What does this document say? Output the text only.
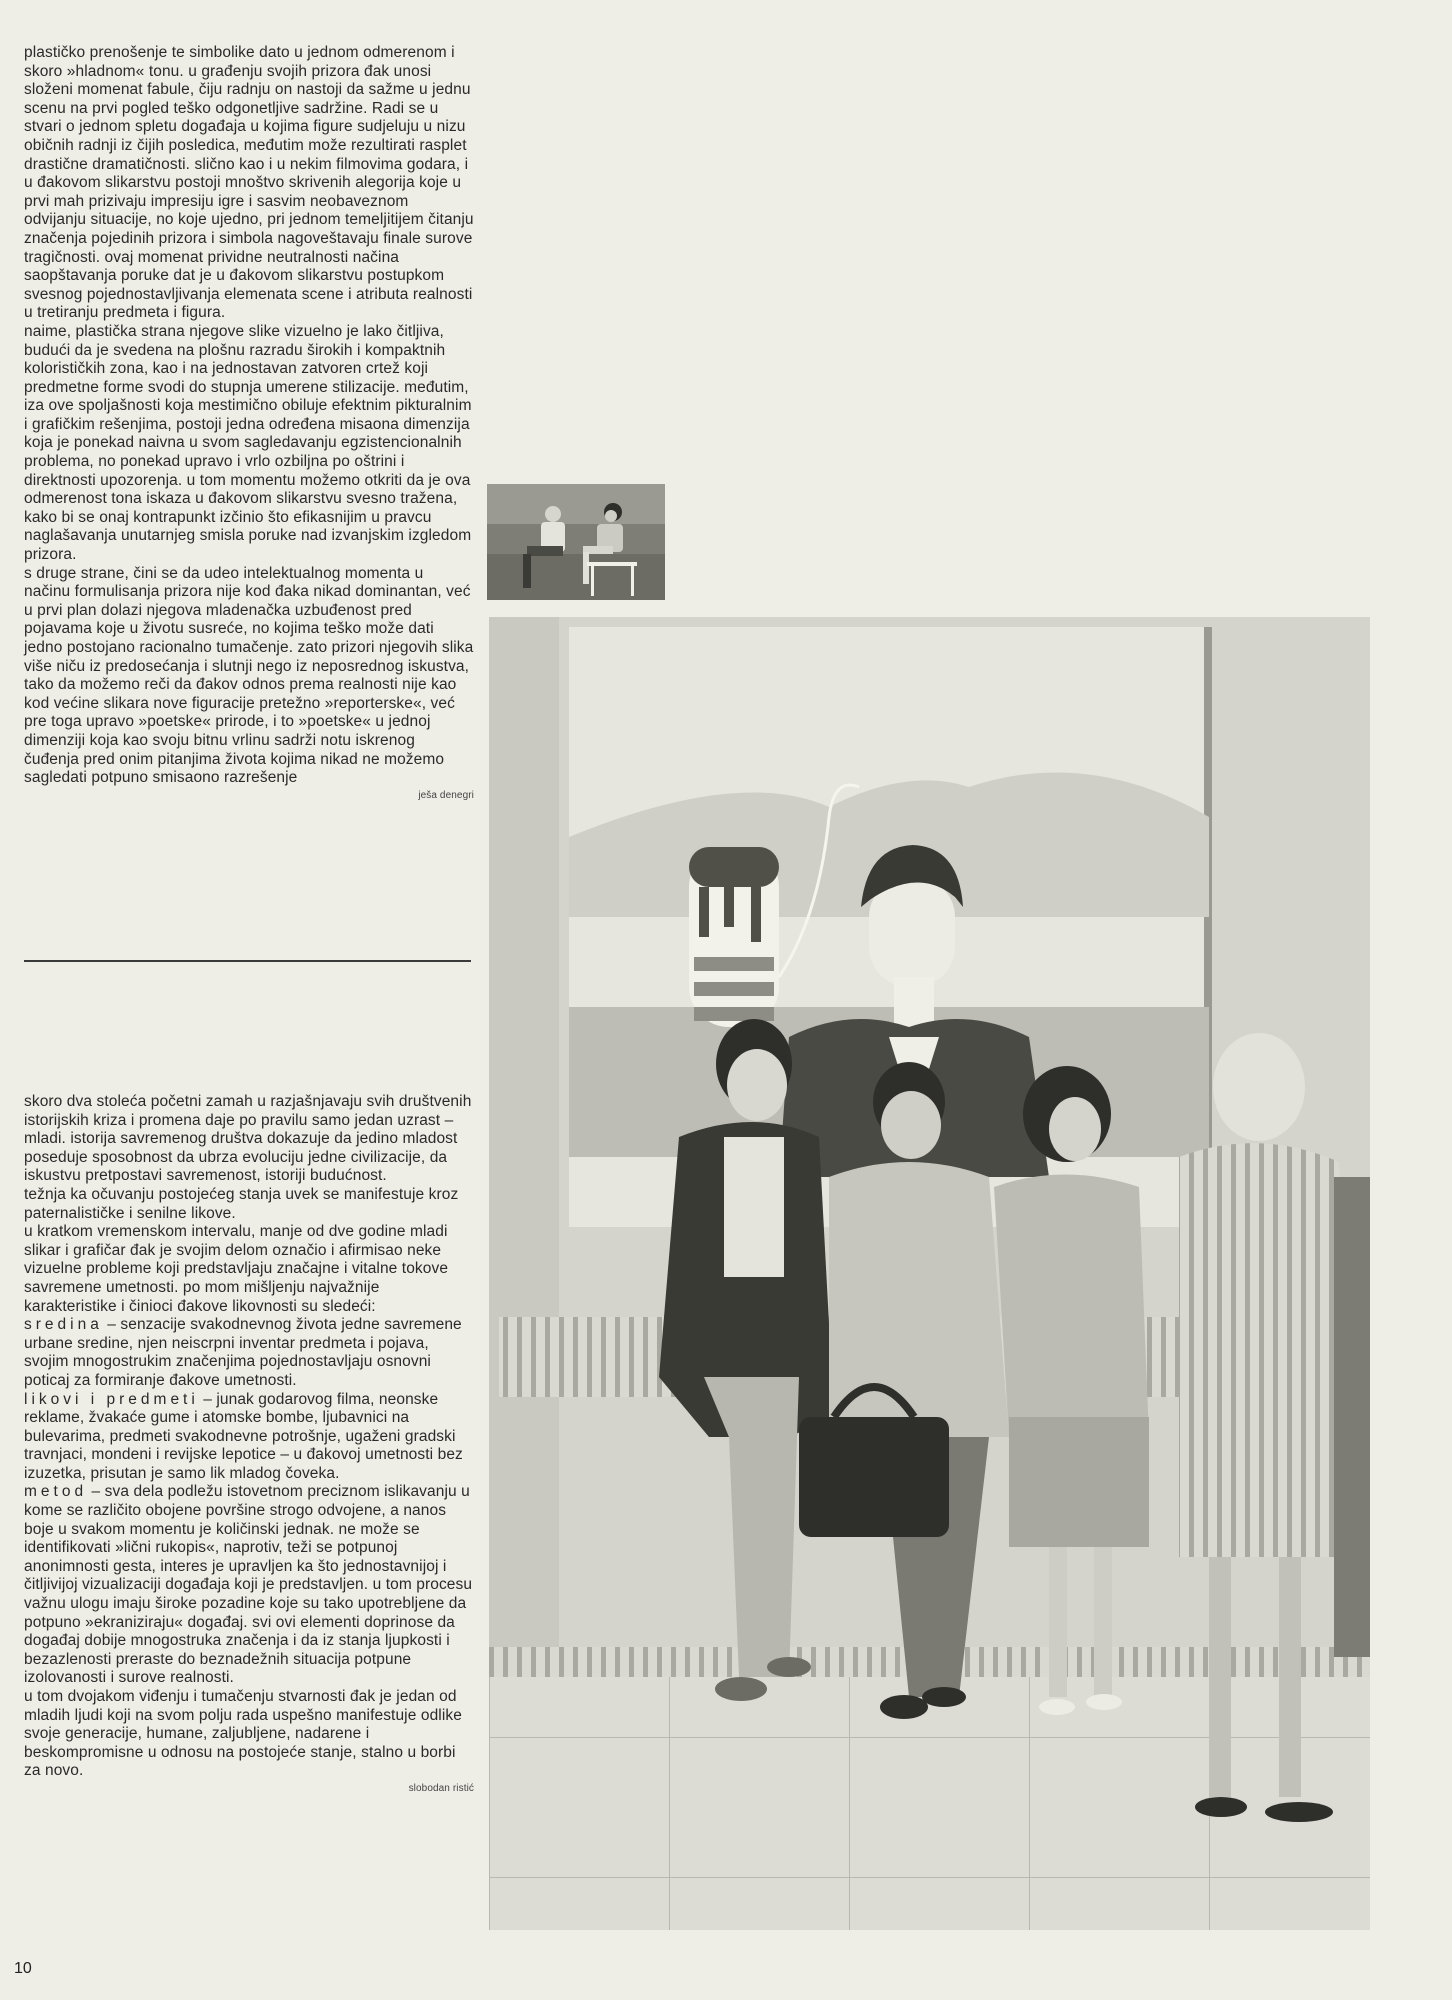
plastičko prenošenje te simbolike dato u jednom odmerenom i skoro »hladnom« tonu. u građenju svojih prizora đak unosi složeni momenat fabule, čiju radnju on nastoji da sažme u jednu scenu na prvi pogled teško odgonetljive sadržine. Radi se u stvari o jednom spletu događaja u kojima figure sudjeluju u nizu običnih radnji iz čijih posledica, međutim može rezultirati rasplet drastične dramatičnosti. slično kao i u nekim filmovima godara, i u đakovom slikarstvu postoji mnoštvo skrivenih alegorija koje u prvi mah prizivaju impresiju igre i sasvim neobaveznom odvijanju situacije, no koje ujedno, pri jednom temeljitijem čitanju značenja pojedinih prizora i simbola nagoveštavaju finale surove tragičnosti. ovaj momenat prividne neutralnosti načina saopštavanja poruke dat je u đakovom slikarstvu postupkom svesnog pojednostavljivanja elemenata scene i atributa realnosti u tretiranju predmeta i figura.

naime, plastička strana njegove slike vizuelno je lako čitljiva, budući da je svedena na plošnu razradu širokih i kompaktnih kolorističkih zona, kao i na jednostavan zatvoren crtež koji predmetne forme svodi do stupnja umerene stilizacije. međutim, iza ove spoljašnosti koja mestimično obiluje efektnim pikturalnim i grafičkim rešenjima, postoji jedna određena misaona dimenzija koja je ponekad naivna u svom sagledavanju egzistencionalnih problema, no ponekad upravo i vrlo ozbiljna po oštrini i direktnosti upozorenja. u tom momentu možemo otkriti da je ova odmerenost tona iskaza u đakovom slikarstvu svesno tražena, kako bi se onaj kontrapunkt izčinio što efikasnijim u pravcu naglašavanja unutarnjeg smisla poruke nad izvanjskim izgledom prizora.

s druge strane, čini se da udeo intelektualnog momenta u načinu formulisanja prizora nije kod đaka nikad dominantan, već u prvi plan dolazi njegova mladenačka uzbuđenost pred pojavama koje u životu susreće, no kojima teško može dati jedno postojano racionalno tumačenje. zato prizori njegovih slika više niču iz predosećanja i slutnji nego iz neposrednog iskustva, tako da možemo reči da đakov odnos prema realnosti nije kao kod većine slikara nove figuracije pretežno »reporterske«, već pre toga upravo »poetske« prirode, i to »poetske« u jednoj dimenziji koja kao svoju bitnu vrlinu sadrži notu iskrenog čuđenja pred onim pitanjima života kojima nikad ne možemo sagledati potpuno smisaono razrešenje

ješa denegri

skoro dva stoleća početni zamah u razjašnjavaju svih društvenih istorijskih kriza i promena daje po pravilu samo jedan uzrast – mladi. istorija savremenog društva dokazuje da jedino mladost poseduje sposobnost da ubrza evoluciju jedne civilizacije, da iskustvu pretpostavi savremenost, istoriji budućnost.

težnja ka očuvanju postojećeg stanja uvek se manifestuje kroz paternalističke i senilne likove.

u kratkom vremenskom intervalu, manje od dve godine mladi slikar i grafičar đak je svojim delom označio i afirmisao neke vizuelne probleme koji predstavljaju značajne i vitalne tokove savremene umetnosti. po mom mišljenju najvažnije karakteristike i činioci đakove likovnosti su sledeći:

sredina – senzacije svakodnevnog života jedne savremene urbane sredine, njen neiscrpni inventar predmeta i pojava, svojim mnogostrukim značenjima pojednostavljaju osnovni poticaj za formiranje đakove umetnosti.

likovi i predmeti – junak godarovog filma, neonske reklame, žvakaće gume i atomske bombe, ljubavnici na bulevarima, predmeti svakodnevne potrošnje, ugaženi gradski travnjaci, mondeni i revijske lepotice – u đakovoj umetnosti bez izuzetka, prisutan je samo lik mladog čoveka.

metod – sva dela podležu istovetnom preciznom islikavanju u kome se različito obojene površine strogo odvojene, a nanos boje u svakom momentu je količinski jednak. ne može se identifikovati »lični rukopis«, naprotiv, teži se potpunoj anonimnosti gesta, interes je upravljen ka što jednostavnijoj i čitljivijoj vizualizaciji događaja koji je predstavljen. u tom procesu važnu ulogu imaju široke pozadine koje su tako upotrebljene da potpuno »ekraniziraju« događaj. svi ovi elementi doprinose da događaj dobije mnogostruka značenja i da iz stanja ljupkosti i bezazlenosti preraste do beznadežnih situacija potpune izolovanosti i surove realnosti.

u tom dvojakom viđenju i tumačenju stvarnosti đak je jedan od mladih ljudi koji na svom polju rada uspešno manifestuje odlike svoje generacije, humane, zaljubljene, nadarene i beskompromisne u odnosu na postojeće stanje, stalno u borbi za novo.

slobodan ristić

10
